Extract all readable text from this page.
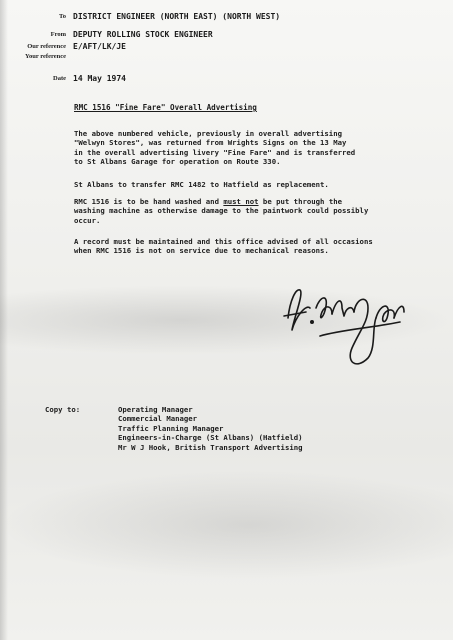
To DISTRICT ENGINEER (NORTH EAST) (NORTH WEST)
From DEPUTY ROLLING STOCK ENGINEER
Our reference E/AFT/LK/JE
Your reference
Date 14 May 1974
RMC 1516 "Fine Fare" Overall Advertising
The above numbered vehicle, previously in overall advertising
"Welwyn Stores", was returned from Wrights Signs on the 13 May
in the overall advertising livery "Fine Fare" and is transferred
to St Albans Garage for operation on Route 330.
St Albans to transfer RMC 1482 to Hatfield as replacement.
RMC 1516 is to be hand washed and must not be put through the
washing machine as otherwise damage to the paintwork could possibly
occur.
A record must be maintained and this office advised of all occasions
when RMC 1516 is not on service due to mechanical reasons.
Copy to:	Operating Manager
Commercial Manager
Traffic Planning Manager
Engineers-in-Charge (St Albans) (Hatfield)
Mr W J Hook, British Transport Advertising
